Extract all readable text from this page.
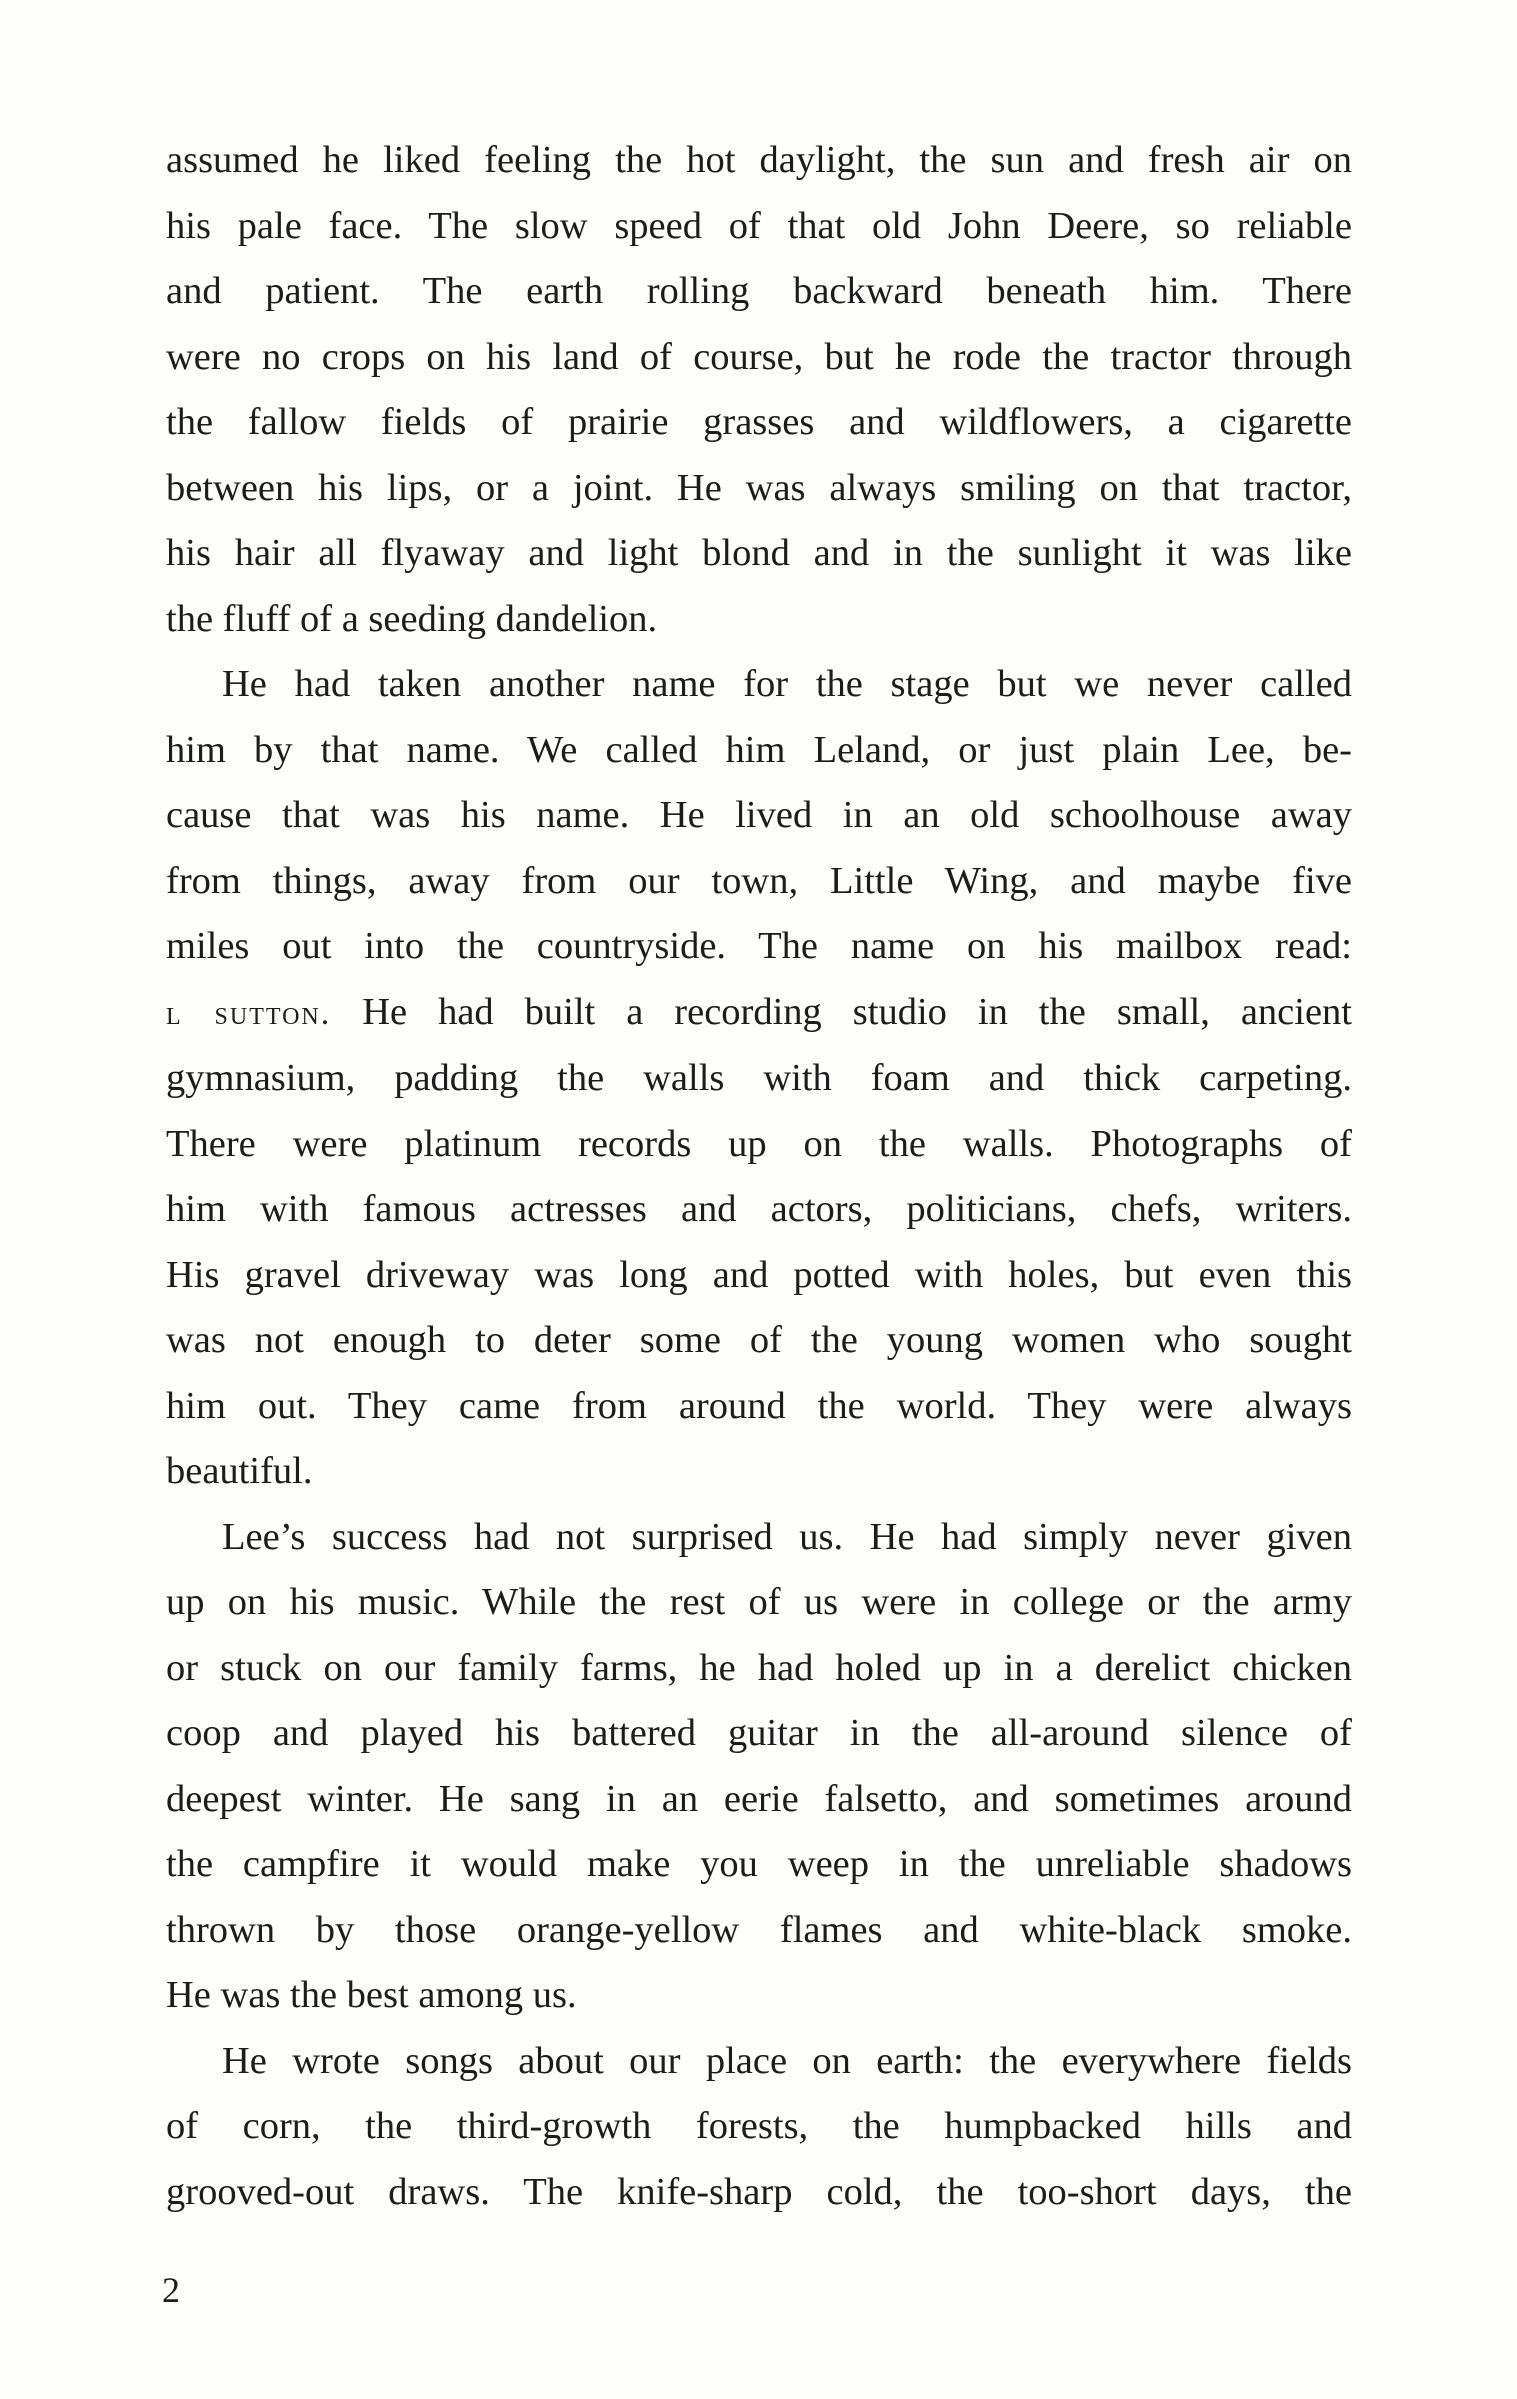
assumed he liked feeling the hot daylight, the sun and fresh air on
his pale face. The slow speed of that old John Deere, so reliable
and patient. The earth rolling backward beneath him. There
were no crops on his land of course, but he rode the tractor through
the fallow fields of prairie grasses and wildflowers, a cigarette
between his lips, or a joint. He was always smiling on that tractor,
his hair all flyaway and light blond and in the sunlight it was like
the fluff of a seeding dandelion.
He had taken another name for the stage but we never called
him by that name. We called him Leland, or just plain Lee, be-
cause that was his name. He lived in an old schoolhouse away
from things, away from our town, Little Wing, and maybe five
miles out into the countryside. The name on his mailbox read:
l sutton. He had built a recording studio in the small, ancient
gymnasium, padding the walls with foam and thick carpeting.
There were platinum records up on the walls. Photographs of
him with famous actresses and actors, politicians, chefs, writers.
His gravel driveway was long and potted with holes, but even this
was not enough to deter some of the young women who sought
him out. They came from around the world. They were always
beautiful.
Lee’s success had not surprised us. He had simply never given
up on his music. While the rest of us were in college or the army
or stuck on our family farms, he had holed up in a derelict chicken
coop and played his battered guitar in the all-around silence of
deepest winter. He sang in an eerie falsetto, and sometimes around
the campfire it would make you weep in the unreliable shadows
thrown by those orange-yellow flames and white-black smoke.
He was the best among us.
He wrote songs about our place on earth: the everywhere fields
of corn, the third-growth forests, the humpbacked hills and
grooved-out draws. The knife-sharp cold, the too-short days, the
2
